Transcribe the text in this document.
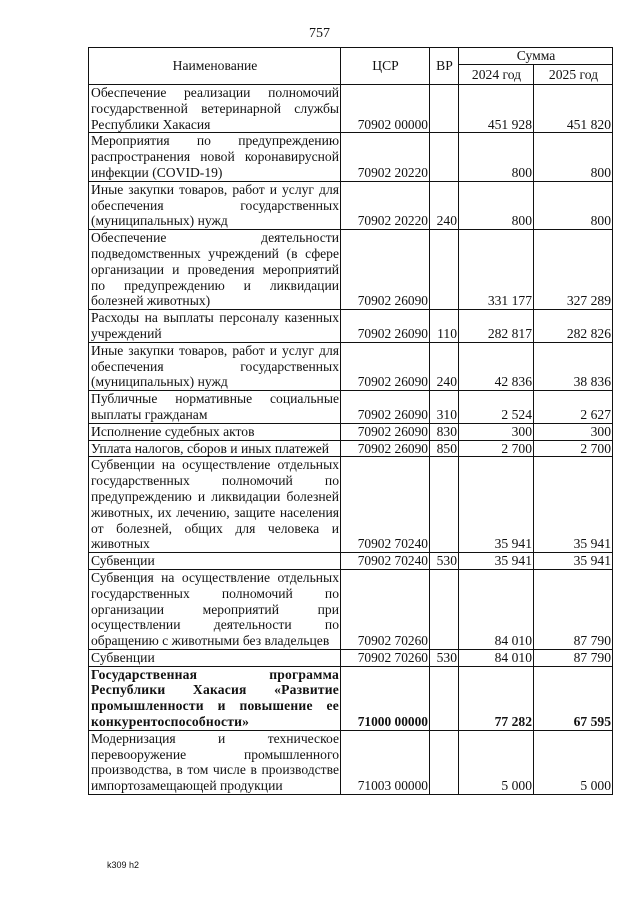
757
Наименование	ЦСР	ВР	Сумма	
			2024 год	2025 год
Обеспечение реализации полномочий государственной ветеринарной службы Республики Хакасия	70902 00000		451 928	451 820
Мероприятия по предупреждению распространения новой коронавирусной инфекции (COVID-19)	70902 20220		800	800
Иные закупки товаров, работ и услуг для обеспечения государственных (муниципальных) нужд	70902 20220	240	800	800
Обеспечение деятельности подведомственных учреждений (в сфере организации и проведения мероприятий по предупреждению и ликвидации болезней животных)	70902 26090		331 177	327 289
Расходы на выплаты персоналу казенных учреждений	70902 26090	110	282 817	282 826
Иные закупки товаров, работ и услуг для обеспечения государственных (муниципальных) нужд	70902 26090	240	42 836	38 836
Публичные нормативные социальные выплаты гражданам	70902 26090	310	2 524	2 627
Исполнение судебных актов	70902 26090	830	300	300
Уплата налогов, сборов и иных платежей	70902 26090	850	2 700	2 700
Субвенции на осуществление отдельных государственных полномочий по предупреждению и ликвидации болезней животных, их лечению, защите населения от болезней, общих для человека и животных	70902 70240		35 941	35 941
Субвенции	70902 70240	530	35 941	35 941
Субвенция на осуществление отдельных государственных полномочий по организации мероприятий при осуществлении деятельности по обращению с животными без владельцев	70902 70260		84 010	87 790
Субвенции	70902 70260	530	84 010	87 790
Государственная программа Республики Хакасия «Развитие промышленности и повышение ее конкурентоспособности»	71000 00000		77 282	67 595
Модернизация и техническое перевооружение промышленного производства, в том числе в производстве импортозамещающей продукции	71003 00000		5 000	5 000
k309 h2
